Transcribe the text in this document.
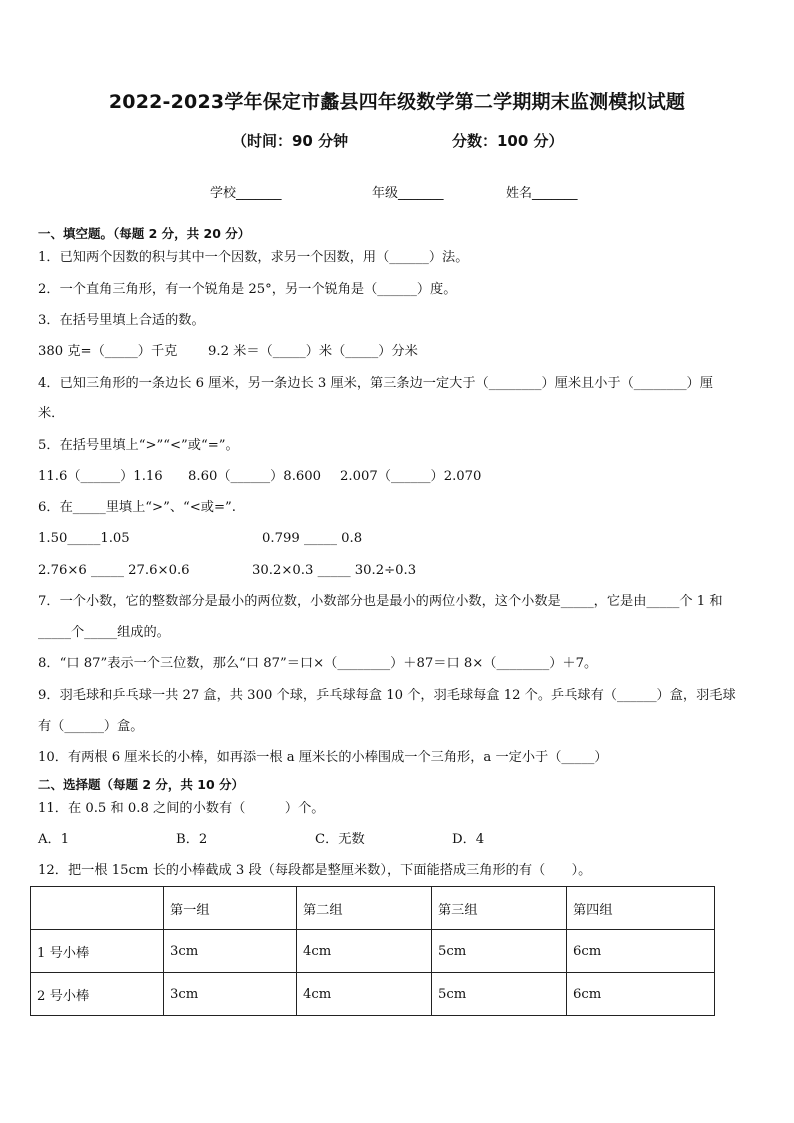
2022-2023学年保定市蠡县四年级数学第二学期期末监测模拟试题
（时间：90 分钟	分数：100 分）
学校_______	年级_______	姓名_______
一、填空题。（每题 2 分，共 20 分）
1．已知两个因数的积与其中一个因数，求另一个因数，用（______）法。
2．一个直角三角形，有一个锐角是 25°，另一个锐角是（______）度。
3．在括号里填上合适的数。
380 克=（_____）千克 9.2 米＝（_____）米（_____）分米
4．已知三角形的一条边长 6 厘米，另一条边长 3 厘米，第三条边一定大于（________）厘米且小于（________）厘
米．
5．在括号里填上“>”“<”或“=”。
11.6（______）1.16 8.60（______）8.600 2.007（______）2.070
6．在_____里填上“>”、“<或=”.
1.50_____1.05	0.799 _____ 0.8
2.76×6 _____ 27.6×0.6	30.2×0.3 _____ 30.2÷0.3
7．一个小数，它的整数部分是最小的两位数，小数部分也是最小的两位小数，这个小数是_____，它是由_____个 1 和
_____个_____组成的。
8．“口 87”表示一个三位数，那么“口 87”＝口×（________）＋87＝口 8×（________）＋7。
9．羽毛球和乒乓球一共 27 盒，共 300 个球，乒乓球每盒 10 个，羽毛球每盒 12 个。乒乓球有（______）盒，羽毛球
有（______）盒。
10．有两根 6 厘米长的小棒，如再添一根 a 厘米长的小棒围成一个三角形，a 一定小于（_____）
二、选择题（每题 2 分，共 10 分）
11．在 0.5 和 0.8 之间的小数有（　　　）个。
A．1	B．2	C．无数	D．4
12．把一根 15cm 长的小棒截成 3 段（每段都是整厘米数），下面能搭成三角形的有（　　）。
	第一组	第二组	第三组	第四组
1 号小棒	3cm	4cm	5cm	6cm
2 号小棒	3cm	4cm	5cm	6cm
